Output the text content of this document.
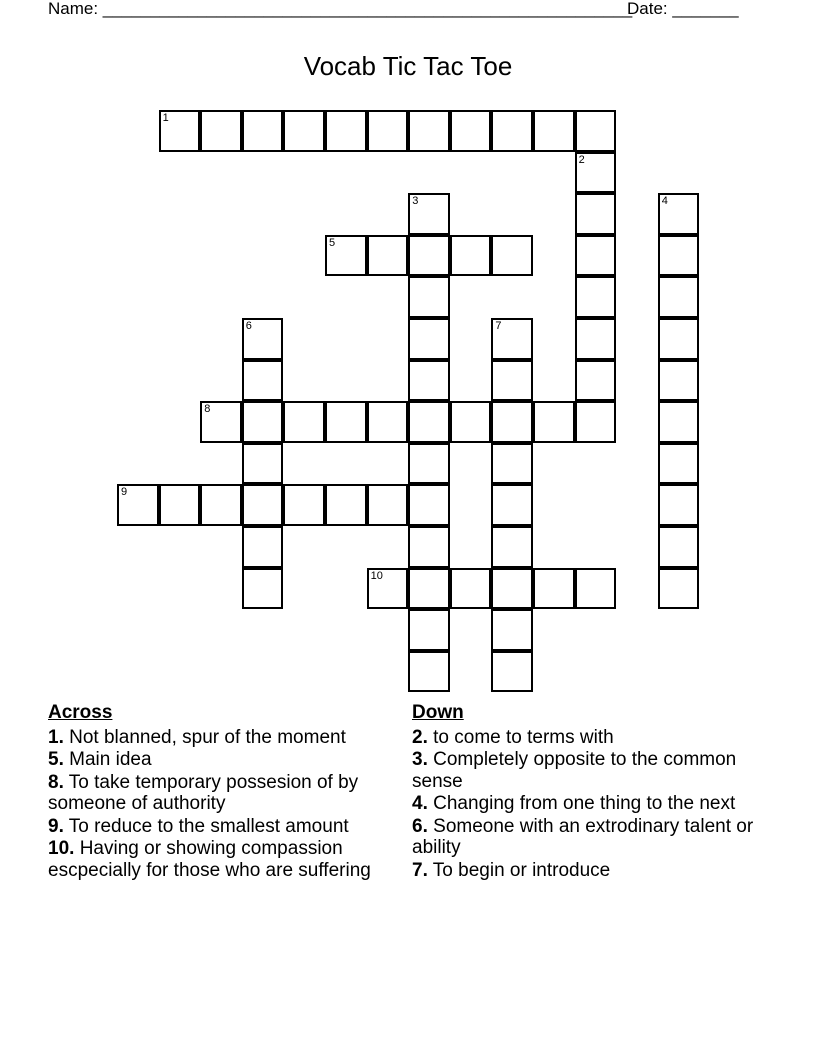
Name: ________________________________________________________
Date: _______
Vocab Tic Tac Toe
1
2
3	4
5
6	7
8
9
10
Across
1. Not blanned, spur of the moment
5. Main idea
8. To take temporary possesion of by someone of authority
9. To reduce to the smallest amount
10. Having or showing compassion escpecially for those who are suffering
Down
2. to come to terms with
3. Completely opposite to the common sense
4. Changing from one thing to the next
6. Someone with an extrodinary talent or ability
7. To begin or introduce
